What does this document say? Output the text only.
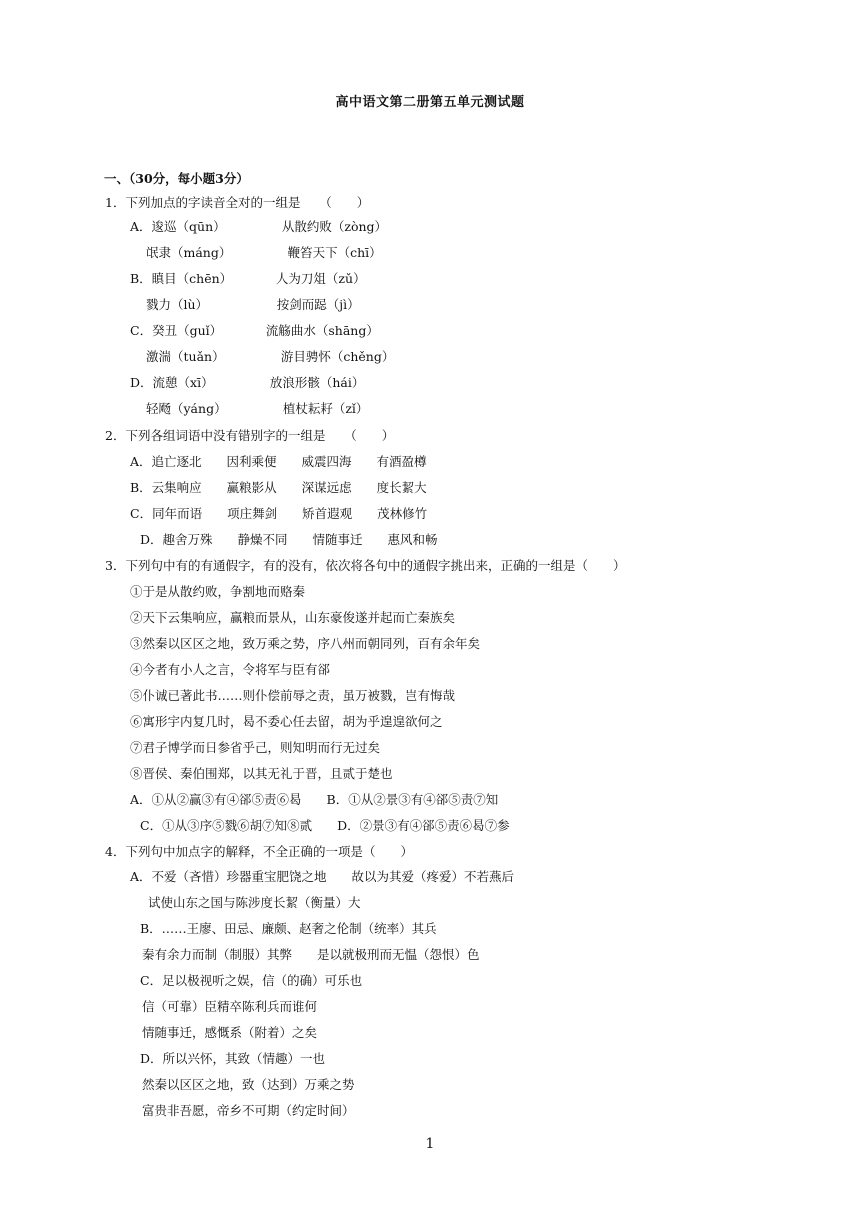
高中语文第二册第五单元测试题
一、（30分，每小题3分）
1．下列加点的字读音全对的一组是　　（　　）
A．逡巡（qūn）　　　　　从散约败（zòng）
氓隶（máng）　　　　　鞭笞天下（chī）
B．瞋目（chēn）　　　　人为刀俎（zǔ）
戮力（lù）　　　　　　按剑而跽（jì）
C．癸丑（guǐ）　　　　流觞曲水（shāng）
激湍（tuǎn）　　　　　游目骋怀（chěng）
D．流憩（xī）　　　　　放浪形骸（hái）
轻飏（yáng）　　　　　植杖耘耔（zǐ）
2．下列各组词语中没有错别字的一组是　　（　　）
A．追亡逐北　　因利乘便　　威震四海　　有酒盈樽
B．云集响应　　赢粮影从　　深谋远虑　　度长絜大
C．同年而语　　项庄舞剑　　矫首遐观　　茂林修竹
D．趣舍万殊　　静燥不同　　情随事迁　　惠风和畅
3．下列句中有的有通假字，有的没有，依次将各句中的通假字挑出来，正确的一组是（　　）
①于是从散约败，争割地而赂秦
②天下云集响应，赢粮而景从，山东豪俊遂并起而亡秦族矣
③然秦以区区之地，致万乘之势，序八州而朝同列，百有余年矣
④今者有小人之言，令将军与臣有郤
⑤仆诚已著此书……则仆偿前辱之责，虽万被戮，岂有悔哉
⑥寓形宇内复几时，曷不委心任去留，胡为乎遑遑欲何之
⑦君子博学而日参省乎己，则知明而行无过矣
⑧晋侯、秦伯围郑，以其无礼于晋，且贰于楚也
A．①从②赢③有④郤⑤责⑥曷　　B．①从②景③有④郤⑤责⑦知
C．①从③序⑤戮⑥胡⑦知⑧贰　　D．②景③有④郤⑤责⑥曷⑦参
4．下列句中加点字的解释，不全正确的一项是（　　）
A．不爱（吝惜）珍器重宝肥饶之地　　故以为其爱（疼爱）不若燕后
试使山东之国与陈涉度长絜（衡量）大
B．……王廖、田忌、廉颇、赵奢之伦制（统率）其兵
秦有余力而制（制服）其弊　　是以就极刑而无愠（怨恨）色
C．足以极视听之娱，信（的确）可乐也
信（可靠）臣精卒陈利兵而谁何
情随事迁，感慨系（附着）之矣
D．所以兴怀，其致（情趣）一也
然秦以区区之地，致（达到）万乘之势
富贵非吾愿，帝乡不可期（约定时间）
1
